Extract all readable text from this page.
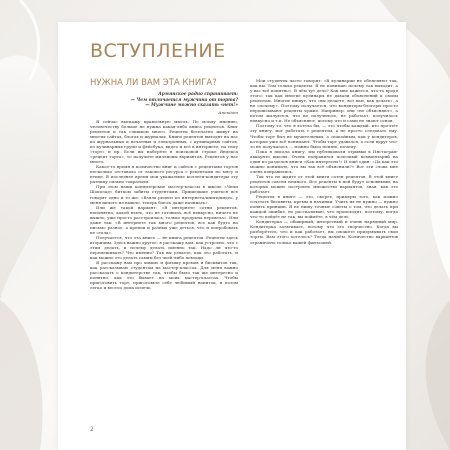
ВСТУПЛЕНИЕ
НУЖНА ЛИ ВАМ ЭТА КНИГА?
Армянское радио спрашивает:
— Чем отличается мужчина от торта?
— Мужчине можно сказать «нет!»
Анекдот

Я сейчас выскажу крамольную мысль. По моему мнению, человечеству больше не нужна какая-либо книга рецептов. Книг рецептов и так слишком много. Рецепты бесплатно живут на многих сайтах, блогах и журналах. Книги рецептов выходят на нас из журнальных и печатных и электронных, с кулинарных сайтов, из кулинарных групп и фейсбука, видео и всё в интернете, на тему «торт» и пр. Если вы наберёте в поисковой строке Яндекса «рецепт торта», то получите миллионы вариантов. Рецептов у нас много.

Какое-то время я количество книг и сайтов с рецептами тортов несколько отставало от такового ресурса с рецептами по мясу и птице. В последнее время мои уважаемые коллеги-кондитеры эту разницу сильно сократили.

При этом наши кондитерские мастер-классы в школе «Чили Шоколад» битком забиты студентами. Пришедшие учиться все говорят одно и то же: «Взяла рецепт из интернета/книги/видео, у меня ничего не вышло, теперь боюсь даже начинать».

Или же такой вариант: «В интернете сотни рецептов, непонятно, какой взять, что не готовила, всё невкусно, ничего не вышло, уже просто расстроилась, только продукты перевела». Или даже так: «В интернете так много рецептов, все как будто на письмо разное, а кремов и разных уже деться, что и попробовать не стала».

Получается, что эта книга — не книга рецептов. Рецепты здесь вторичны. Здесь важно другое: я расскажу вам, как устроено, что с этим делать, и почему делать именно так. Надо ли что-то перемешивать? Что именно? Так вы узнаете, как это работать, и как можно это делать самим без чьей-либо помощи.

Я расскажу вам про химию и физику кремов и бисквитов так, как рассказываю студентам на мастер-классах. Для меня важно рассказать о кондитерстве так, чтобы было так же интересно и понятно, как это бывает на моих мастер-классах. Чтобы приготовить торт, приготовьте себе любимый напиток, и потом легко и весело дома испечь.

Мои студенты часто говорят: «В кулинарии не объясняют так, как вы. Там только рецепты. Я не понимаю почему так выходит, а у вас всё понятно». В чём тут дело? Как мне кажется, что-то вроде этого: так как многие кулинары не давали объяснений к своим рецептам. Многие пишут, что «вы делаете, вот вам, как делать», а не «почему». Поэтому получается, что кондитеры-блогеры просто переписывают рецепты чужие. Например, они «не объясняют», а потом жалуются, что не получилось, не работает, получилось невкусно и т.п. Не объясняют, потому что и сами не знают основ.

Поэтому то, что я хотела бы, — это чтобы каждый, кто прочтёт эту книгу, мог работать с рецептом, а не просто следовать ему. Чтобы торт был не мучительным, а спокойным, как у кондитеров, которые уже всё понимают. Чтобы торт удавался, а если вдруг что-то не получилось — можно было понять, почему.

Пока я писала книгу, мы публиковали отрывки в Инстаграм-аккаунте школы. Очень понравился полезный комментарий на один из разделов книги «Как интересно!» И ещё один: «Да как это можно понимать, что вы так всё объяснили?» Вот эти слова мне очень понравились.

Так что не ждите от этой книги сотен рецептов. В этой книге рецептов совсем немного. Все рецепты в ней будут основными, на которых можно построить множество вариантов, зная, как это работает.

Рецепты в книге — это, скорее, примеры того, как можно сочетать бисквиты, кремы и начинки. Учить их не нужно — нужно понять принцип. Я не пишу точные советы о том, что делать при каждой ошибке, но рассказываю, что происходит, поэтому, когда что-то пойдёт не так, вы поймёте, в чём дело.

Кондитерка — обширный, интересный и очень нарядный мир. Кондитерка затягивает, потому что это творчество. Когда вы разберётесь, что и как работает, вы сможете придумывать свои торты. Вам этого хотелось? Тогда начнём. Количество вариантов ограничено только вашей фантазией.

2
